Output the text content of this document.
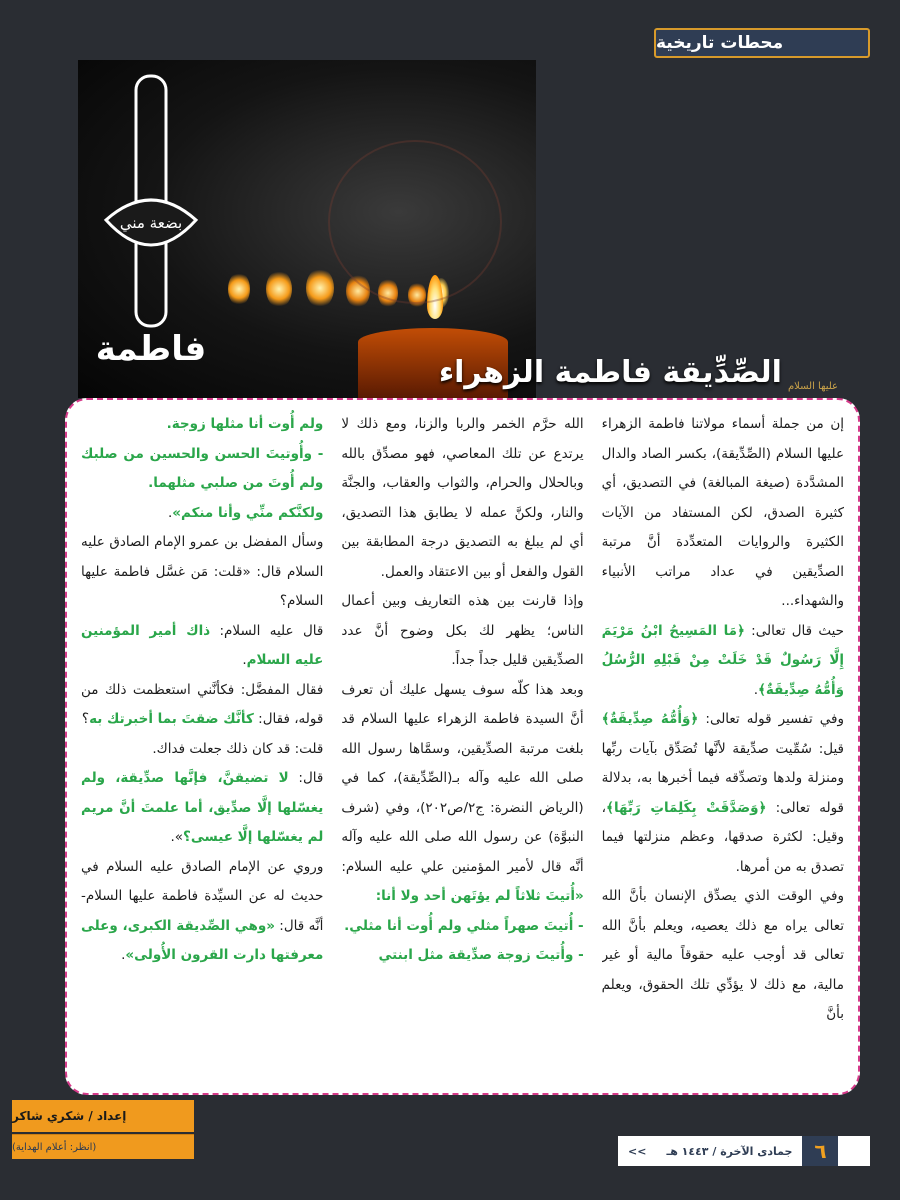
محطات تاريخية
بضعة مني
فاطمة
الصِّدِّيقة فاطمة الزهراء عليها السلام

إن من جملة أسماء مولاتنا فاطمة الزهراء عليها السلام (الصِّدِّيقة)، بكسر الصاد والدال المشدَّدة (صيغة المبالغة) في التصديق، أي كثيرة الصدق، لكن المستفاد من الآيات الكثيرة والروايات المتعدِّدة أنَّ مرتبة الصدِّيقين في عداد مراتب الأنبياء والشهداء...

حيث قال تعالى: ﴿مَا المَسِيحُ ابْنُ مَرْيَمَ إِلَّا رَسُولٌ قَدْ خَلَتْ مِنْ قَبْلِهِ الرُّسُلُ وَأُمُّهُ صِدِّيقَةٌ﴾.

وفي تفسير قوله تعالى: ﴿وَأُمُّهُ صِدِّيقَةٌ﴾ قيل: سُمِّيت صدِّيقة لأنَّها تُصَدِّق بآيات ربِّها ومنزلة ولدها وتصدِّقه فيما أخبرها به، بدلالة قوله تعالى: ﴿وَصَدَّقَتْ بِكَلِمَاتِ رَبِّهَا﴾، وقيل: لكثرة صدقها، وعظم منزلتها فيما تصدق به من أمرها.

وفي الوقت الذي يصدِّق الإنسان بأنَّ الله تعالى يراه مع ذلك يعصيه، ويعلم بأنَّ الله تعالى قد أوجب عليه حقوقاً مالية أو غير مالية، مع ذلك لا يؤدِّي تلك الحقوق، ويعلم بأنَّ

الله حرَّم الخمر والربا والزنا، ومع ذلك لا يرتدع عن تلك المعاصي، فهو مصدِّق بالله وبالحلال والحرام، والثواب والعقاب، والجنَّة والنار، ولكنَّ عمله لا يطابق هذا التصديق، أي لم يبلغ به التصديق درجة المطابقة بين القول والفعل أو بين الاعتقاد والعمل.

وإذا قارنت بين هذه التعاريف وبين أعمال الناس؛ يظهر لك بكل وضوح أنَّ عدد الصدِّيقين قليل جداً جداً.

وبعد هذا كلّه سوف يسهل عليك أن تعرف أنَّ السيدة فاطمة الزهراء عليها السلام قد بلغت مرتبة الصدِّيقين، وسمَّاها رسول الله صلى الله عليه وآله بـ(الصِّدِّيقة)، كما في (الرياض النضرة: ج٢/ص٢٠٢)، وفي (شرف النبوَّة) عن رسول الله صلى الله عليه وآله أنَّه قال لأمير المؤمنين علي عليه السلام: «أُتيتَ ثلاثاً لم يؤتَهن أحد ولا أنا:

- أُتيتَ صهراً مثلي ولم أُوت أنا مثلي.

- وأُتيتَ زوجة صدِّيقة مثل ابنتي

ولم أُوت أنا مثلها زوجة.

- وأُوتيتَ الحسن والحسين من صلبك ولم أُوتَ من صلبي مثلهما.

ولكنَّكم منِّي وأنا منكم».

وسأل المفضل بن عمرو الإمام الصادق عليه السلام قال: «قلت: مَن غسَّل فاطمة عليها السلام؟

قال عليه السلام: ذاك أمير المؤمنين عليه السلام.

فقال المفضَّل: فكأنَّني استعظمت ذلك من قوله، فقال: كأنَّك ضقتَ بما أخبرتك به؟

قلت: قد كان ذلك جعلت فداك.

قال: لا تضيقنَّ، فإنَّها صدِّيقة، ولم يغسّلها إلَّا صدِّيق، أما علمتَ أنَّ مريم لم يغسّلها إلَّا عيسى؟».

وروي عن الإمام الصادق عليه السلام في حديث له عن السيِّدة فاطمة عليها السلام- أنَّه قال: «وهي الصِّديقة الكبرى، وعلى معرفتها دارت القرون الأُولى».

إعداد / شكري شاكر
(انظر: أعلام الهداية)	٦
جمادى الآخرة / ١٤٤٣ هـ
>>
